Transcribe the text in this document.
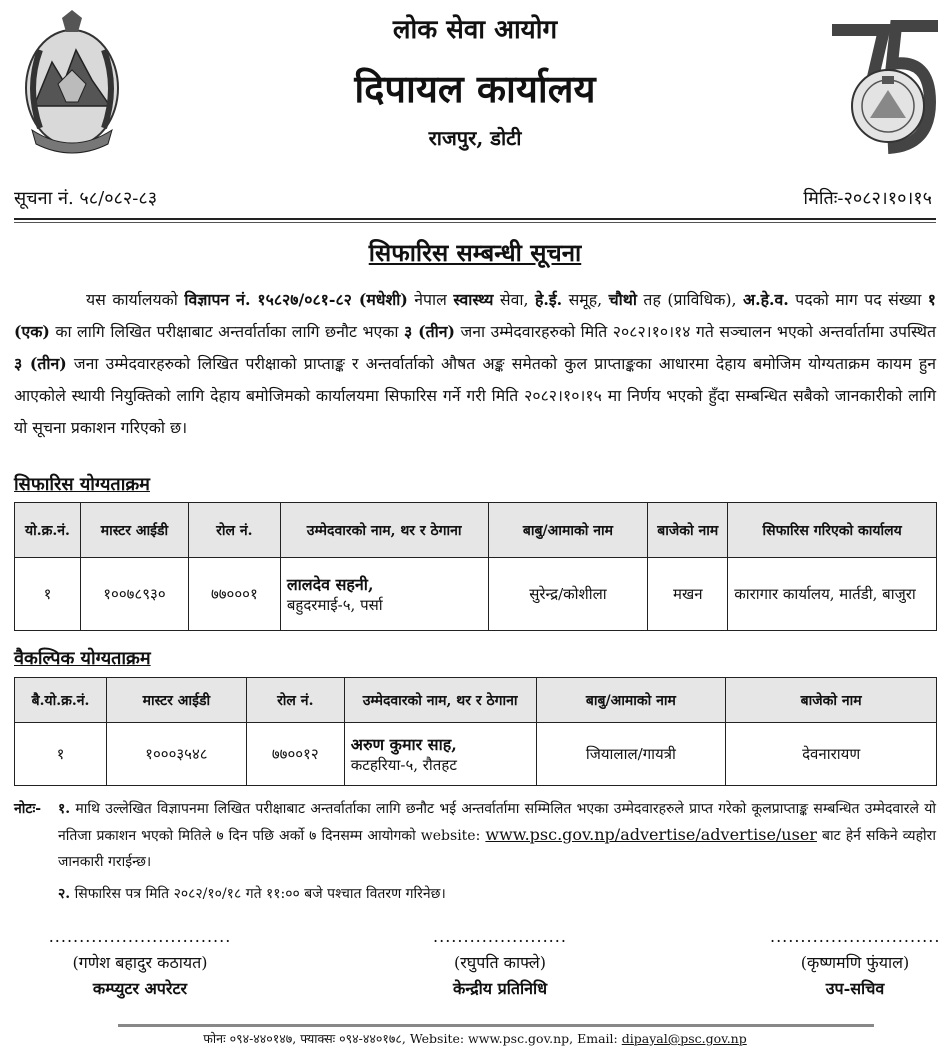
लोक सेवा आयोग
दिपायल कार्यालय
राजपुर, डोटी
सूचना नं. ५८/०८२-८३	मितिः-२०८२।१०।१५
सिफारिस सम्बन्धी सूचना

यस कार्यालयको विज्ञापन नं. १५८२७/०८१-८२ (मधेशी) नेपाल स्वास्थ्य सेवा, हे.ई. समूह, चौथो तह (प्राविधिक), अ.हे.व. पदको माग पद संख्या १ (एक) का लागि लिखित परीक्षाबाट अन्तर्वार्ताका लागि छनौट भएका ३ (तीन) जना उम्मेदवारहरुको मिति २०८२।१०।१४ गते सञ्चालन भएको अन्तर्वार्तामा उपस्थित ३ (तीन) जना उम्मेदवारहरुको लिखित परीक्षाको प्राप्ताङ्क र अन्तर्वार्ताको औषत अङ्क समेतको कुल प्राप्ताङ्कका आधारमा देहाय बमोजिम योग्यताक्रम कायम हुन आएकोले स्थायी नियुक्तिको लागि देहाय बमोजिमको कार्यालयमा सिफारिस गर्ने गरी मिति २०८२।१०।१५ मा निर्णय भएको हुँदा सम्बन्धित सबैको जानकारीको लागि यो सूचना प्रकाशन गरिएको छ।

सिफारिस योग्यताक्रम
यो.क्र.नं.	मास्टर आईडी	रोल नं.	उम्मेदवारको नाम, थर र ठेगाना	बाबु/आमाको नाम	बाजेको नाम	सिफारिस गरिएको कार्यालय
१	१००७८९३०	७७०००१	लालदेव सहनी,
बहुदरमाई-५, पर्सा	सुरेन्द्र/कोशीला	मखन	कारागार कार्यालय, मार्तडी, बाजुरा
वैकल्पिक योग्यताक्रम
बै.यो.क्र.नं.	मास्टर आईडी	रोल नं.	उम्मेदवारको नाम, थर र ठेगाना	बाबु/आमाको नाम	बाजेको नाम
१	१०००३५४८	७७००१२	अरुण कुमार साह,
कटहरिया-५, रौतहट	जियालाल/गायत्री	देवनारायण
नोटः-	१. माथि उल्लेखित विज्ञापनमा लिखित परीक्षाबाट अन्तर्वार्ताका लागि छनौट भई अन्तर्वार्तामा सम्मिलित भएका उम्मेदवारहरुले प्राप्त गरेको कूलप्राप्ताङ्क सम्बन्धित उम्मेदवारले यो नतिजा प्रकाशन भएको मितिले ७ दिन पछि अर्को ७ दिनसम्म आयोगको website: www.psc.gov.np/advertise/advertise/user बाट हेर्न सकिने व्यहोरा जानकारी गराईन्छ।
२. सिफारिस पत्र मिति २०८२/१०/१८ गते ११:०० बजे पश्चात वितरण गरिनेछ।
..............................
(गणेश बहादुर कठायत)
कम्प्युटर अपरेटर
......................
(रघुपति काफ्ले)
केन्द्रीय प्रतिनिधि
............................
(कृष्णमणि फुंयाल)
उप-सचिव
फोनः ०९४-४४०१४७, फ्याक्सः ०९४-४४०१७८, Website: www.psc.gov.np, Email: dipayal@psc.gov.np
